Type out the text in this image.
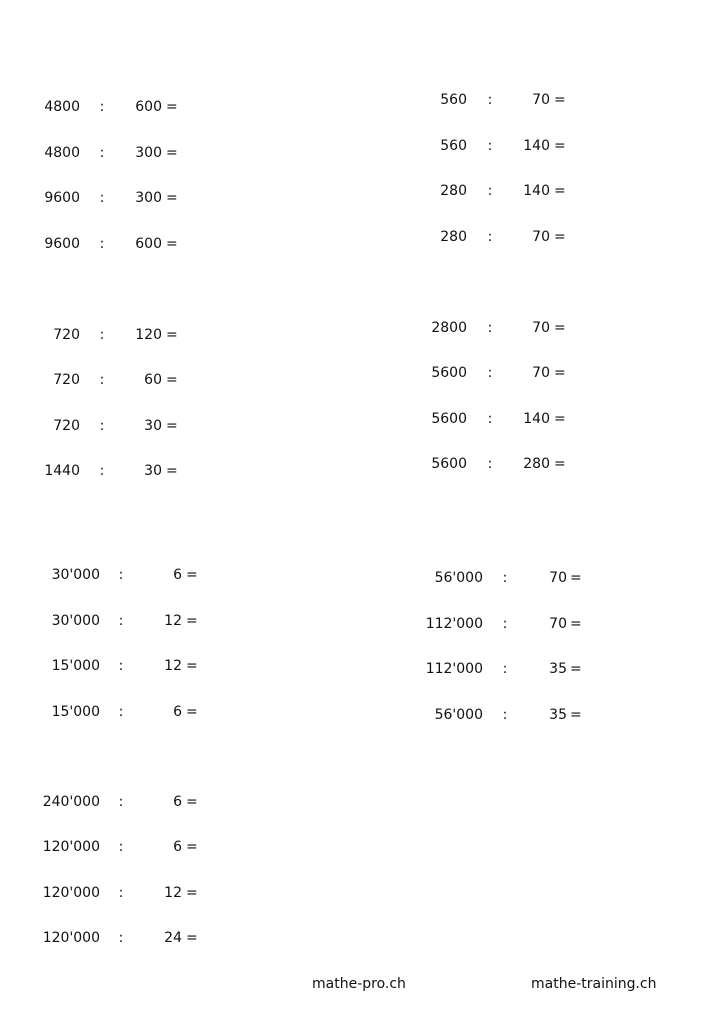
4800 :	600 =
4800 :	300 =
9600 :	300 =
9600 :	600 =
560 :	70 =
560 :	140 =
280 :	140 =
280 :	70 =
720 :	120 =
720 :	60 =
720 :	30 =
1440 :	30 =
2800 :	70 =
5600 :	70 =
5600 :	140 =
5600 :	280 =
30'000 :	6 =
30'000 :	12 =
15'000 :	12 =
15'000 :	6 =
56'000 :	70 =
112'000 :	70 =
112'000 :	35 =
56'000 :	35 =
240'000 :	6 =
120'000 :	6 =
120'000 :	12 =
120'000 :	24 =
mathe-pro.ch	mathe-training.ch
